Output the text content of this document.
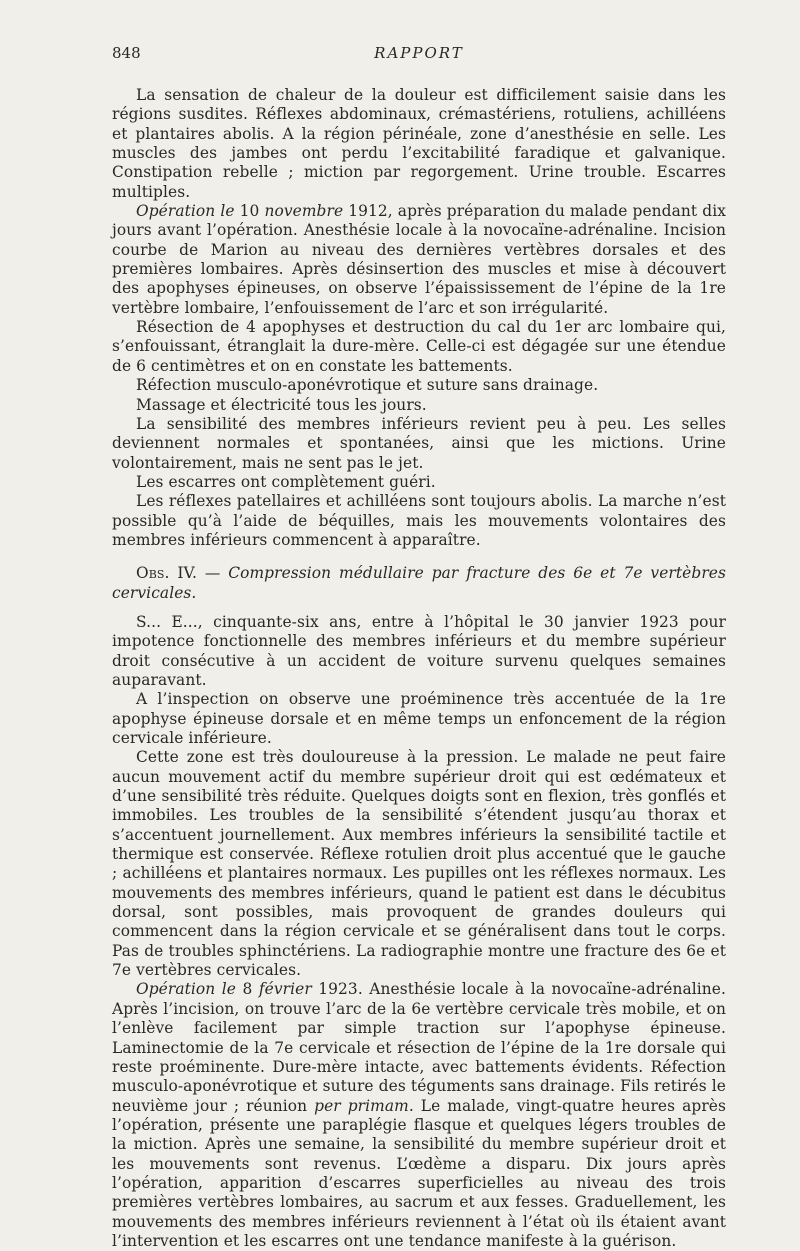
848	RAPPORT

La sensation de chaleur de la douleur est difficilement saisie dans les régions susdites. Réflexes abdominaux, crémastériens, rotuliens, achilléens et plantaires abolis. A la région périnéale, zone d’anesthésie en selle. Les muscles des jambes ont perdu l’excitabilité faradique et galvanique. Constipation rebelle ; miction par regorgement. Urine trouble. Escarres multiples.

Opération le 10 novembre 1912, après préparation du malade pendant dix jours avant l’opération. Anesthésie locale à la novocaïne-adrénaline. Incision courbe de Marion au niveau des dernières vertèbres dorsales et des premières lombaires. Après désinsertion des muscles et mise à découvert des apophyses épineuses, on observe l’épaississement de l’épine de la 1re vertèbre lombaire, l’enfouissement de l’arc et son irrégularité.

Résection de 4 apophyses et destruction du cal du 1er arc lombaire qui, s’enfouissant, étranglait la dure-mère. Celle-ci est dégagée sur une étendue de 6 centimètres et on en constate les battements.

Réfection musculo-aponévrotique et suture sans drainage.

Massage et électricité tous les jours.

La sensibilité des membres inférieurs revient peu à peu. Les selles deviennent normales et spontanées, ainsi que les mictions. Urine volontairement, mais ne sent pas le jet.

Les escarres ont complètement guéri.

Les réflexes patellaires et achilléens sont toujours abolis. La marche n’est possible qu’à l’aide de béquilles, mais les mouvements volontaires des membres inférieurs commencent à apparaître.

Obs. IV. — Compression médullaire par fracture des 6e et 7e vertèbres cervicales.

S... E..., cinquante-six ans, entre à l’hôpital le 30 janvier 1923 pour impotence fonctionnelle des membres inférieurs et du membre supérieur droit consécutive à un accident de voiture survenu quelques semaines auparavant.

A l’inspection on observe une proéminence très accentuée de la 1re apophyse épineuse dorsale et en même temps un enfoncement de la région cervicale inférieure.

Cette zone est très douloureuse à la pression. Le malade ne peut faire aucun mouvement actif du membre supérieur droit qui est œdémateux et d’une sensibilité très réduite. Quelques doigts sont en flexion, très gonflés et immobiles. Les troubles de la sensibilité s’étendent jusqu’au thorax et s’accentuent journellement. Aux membres inférieurs la sensibilité tactile et thermique est conservée. Réflexe rotulien droit plus accentué que le gauche ; achilléens et plantaires normaux. Les pupilles ont les réflexes normaux. Les mouvements des membres inférieurs, quand le patient est dans le décubitus dorsal, sont possibles, mais provoquent de grandes douleurs qui commencent dans la région cervicale et se généralisent dans tout le corps. Pas de troubles sphinctériens. La radiographie montre une fracture des 6e et 7e vertèbres cervicales.

Opération le 8 février 1923. Anesthésie locale à la novocaïne-adrénaline. Après l’incision, on trouve l’arc de la 6e vertèbre cervicale très mobile, et on l’enlève facilement par simple traction sur l’apophyse épineuse. Laminectomie de la 7e cervicale et résection de l’épine de la 1re dorsale qui reste proéminente. Dure-mère intacte, avec battements évidents. Réfection musculo-aponévrotique et suture des téguments sans drainage. Fils retirés le neuvième jour ; réunion per primam. Le malade, vingt-quatre heures après l’opération, présente une paraplégie flasque et quelques légers troubles de la miction. Après une semaine, la sensibilité du membre supérieur droit et les mouvements sont revenus. L’œdème a disparu. Dix jours après l’opération, apparition d’escarres superficielles au niveau des trois premières vertèbres lombaires, au sacrum et aux fesses. Graduellement, les mouvements des membres inférieurs reviennent à l’état où ils étaient avant l’intervention et les escarres ont une tendance manifeste à la guérison.
